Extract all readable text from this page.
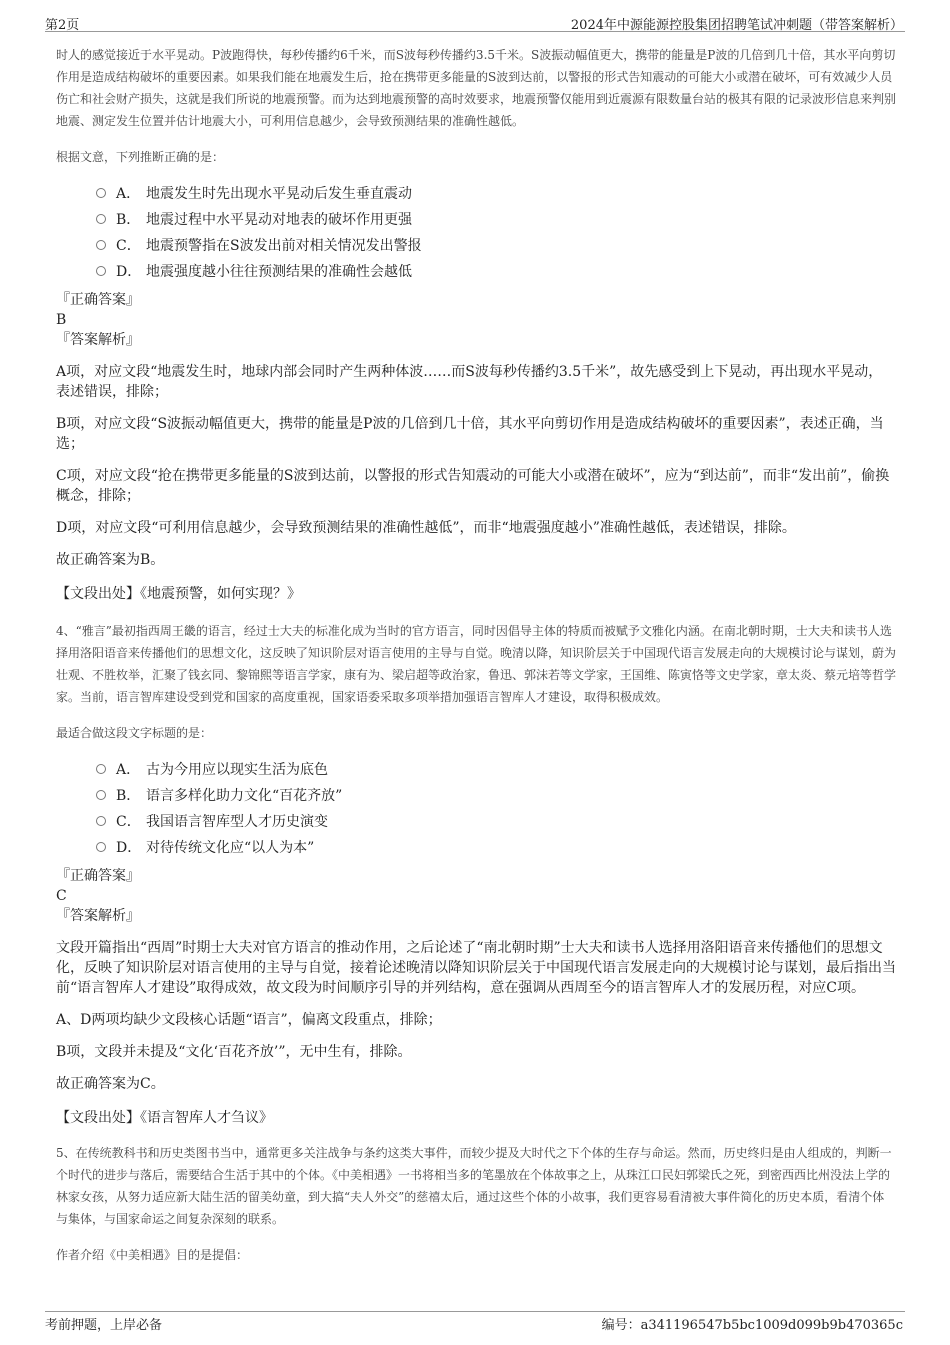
第2页	2024年中源能源控股集团招聘笔试冲刺题（带答案解析）
时人的感觉接近于水平晃动。P波跑得快，每秒传播约6千米，而S波每秒传播约3.5千米。S波振动幅值更大，携带的能量是P波的几倍到几十倍，其水平向剪切作用是造成结构破坏的重要因素。如果我们能在地震发生后，抢在携带更多能量的S波到达前，以警报的形式告知震动的可能大小或潜在破坏，可有效减少人员伤亡和社会财产损失，这就是我们所说的地震预警。而为达到地震预警的高时效要求，地震预警仅能用到近震源有限数量台站的极其有限的记录波形信息来判别地震、测定发生位置并估计地震大小，可利用信息越少，会导致预测结果的准确性越低。
根据文意，下列推断正确的是：
A． 地震发生时先出现水平晃动后发生垂直震动
B． 地震过程中水平晃动对地表的破坏作用更强
C． 地震预警指在S波发出前对相关情况发出警报
D． 地震强度越小往往预测结果的准确性会越低
『正确答案』
B
『答案解析』
A项，对应文段“地震发生时，地球内部会同时产生两种体波……而S波每秒传播约3.5千米”，故先感受到上下晃动，再出现水平晃动，表述错误，排除；
B项，对应文段“S波振动幅值更大，携带的能量是P波的几倍到几十倍，其水平向剪切作用是造成结构破坏的重要因素”，表述正确，当选；
C项，对应文段“抢在携带更多能量的S波到达前，以警报的形式告知震动的可能大小或潜在破坏”，应为“到达前”，而非“发出前”，偷换概念，排除；
D项，对应文段“可利用信息越少，会导致预测结果的准确性越低”，而非“地震强度越小”准确性越低，表述错误，排除。
故正确答案为B。
【文段出处】《地震预警，如何实现？》
4、“雅言”最初指西周王畿的语言，经过士大夫的标准化成为当时的官方语言，同时因倡导主体的特质而被赋予文雅化内涵。在南北朝时期，士大夫和读书人选择用洛阳语音来传播他们的思想文化，这反映了知识阶层对语言使用的主导与自觉。晚清以降，知识阶层关于中国现代语言发展走向的大规模讨论与谋划，蔚为壮观、不胜枚举，汇聚了钱玄同、黎锦熙等语言学家，康有为、梁启超等政治家，鲁迅、郭沫若等文学家，王国维、陈寅恪等文史学家，章太炎、蔡元培等哲学家。当前，语言智库建设受到党和国家的高度重视，国家语委采取多项举措加强语言智库人才建设，取得积极成效。
最适合做这段文字标题的是：
A． 古为今用应以现实生活为底色
B． 语言多样化助力文化“百花齐放”
C． 我国语言智库型人才历史演变
D． 对待传统文化应“以人为本”
『正确答案』
C
『答案解析』
文段开篇指出“西周”时期士大夫对官方语言的推动作用，之后论述了“南北朝时期”士大夫和读书人选择用洛阳语音来传播他们的思想文化，反映了知识阶层对语言使用的主导与自觉，接着论述晚清以降知识阶层关于中国现代语言发展走向的大规模讨论与谋划，最后指出当前“语言智库人才建设”取得成效，故文段为时间顺序引导的并列结构，意在强调从西周至今的语言智库人才的发展历程，对应C项。
A、D两项均缺少文段核心话题“语言”，偏离文段重点，排除；
B项，文段并未提及“文化‘百花齐放’”，无中生有，排除。
故正确答案为C。
【文段出处】《语言智库人才刍议》
5、在传统教科书和历史类图书当中，通常更多关注战争与条约这类大事件，而较少提及大时代之下个体的生存与命运。然而，历史终归是由人组成的，判断一个时代的进步与落后，需要结合生活于其中的个体。《中美相遇》一书将相当多的笔墨放在个体故事之上，从珠江口民妇郭梁氏之死，到密西西比州没法上学的林家女孩，从努力适应新大陆生活的留美幼童，到大搞“夫人外交”的慈禧太后，通过这些个体的小故事，我们更容易看清被大事件简化的历史本质，看清个体与集体，与国家命运之间复杂深刻的联系。
作者介绍《中美相遇》目的是提倡：
考前押题，上岸必备	编号：a341196547b5bc1009d099b9b470365c
